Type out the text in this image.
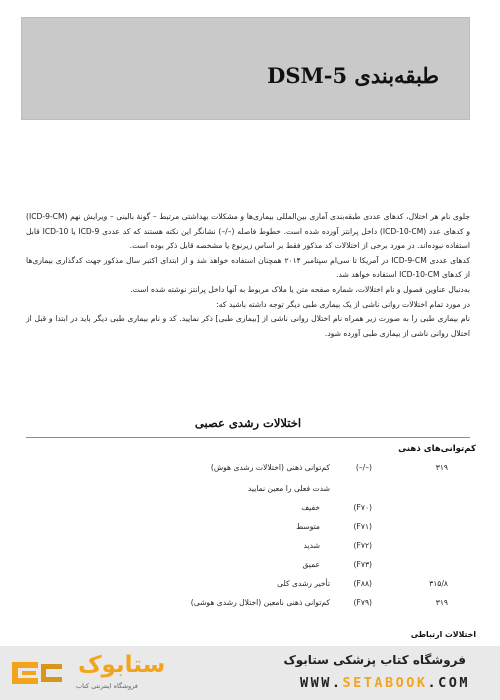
طبقه‌بندی DSM-5

جلوی نام هر اختلال، کدهای عددی طبقه‌بندی آماری بین‌المللی بیماری‌ها و مشکلات بهداشتی مرتبط – گونهٔ بالینی – ویرایش نهم (ICD-9-CM) و کدهای عدد (ICD-10-CM) داخل پرانتز آورده شده است. خطوط فاصله (–/–) نشانگر این نکته هستند که کد عددی ICD-9 یا ICD-10 قابل استفاده نبوده‌اند. در مورد برخی از اختلالات کد مذکور فقط بر اساس زیرنوع یا مشخصه قابل ذکر بوده است.

کدهای عددی ICD-9-CM در آمریکا تا سی‌ام سپتامبر ۲۰۱۴ همچنان استفاده خواهد شد و از ابتدای اکتبر سال مذکور جهت کدگذاری بیماری‌ها از کدهای ICD-10-CM استفاده خواهد شد.

به‌دنبال عناوین فصول و نام اختلالات، شماره صفحه متن یا ملاک مربوط به آنها داخل پرانتز نوشته شده است.

در مورد تمام اختلالات روانی ناشی از یک بیماری طبی دیگر توجه داشته باشید که:

نام بیماری طبی را به صورت زیر همراه نام اختلال روانی ناشی از [بیماری طبی] ذکر نمایید. کد و نام بیماری طبی دیگر باید در ابتدا و قبل از اختلال روانی ناشی از بیماری طبی آورده شود.

اختلالات رشدی عصبی
کم‌توانی‌های ذهنی
۳۱۹
(–/–)
کم‌توانی ذهنی (اختلالات رشدی هوش)
شدت فعلی را معین نمایید
(F۷۰)
خفیف
(F۷۱)
متوسط
(F۷۲)
شدید
(F۷۳)
عمیق
۳۱۵/۸
(F۸۸)
تأخیر رشدی کلی
۳۱۹
(F۷۹)
کم‌توانی ذهنی نامعین (اختلال رشدی هوشی)
اختلالات ارتباطی
ستابوک
فروشگاه اینترنتی کتاب
فروشگاه کتاب پزشکی ستابوک
WWW.SETABOOK.COM
